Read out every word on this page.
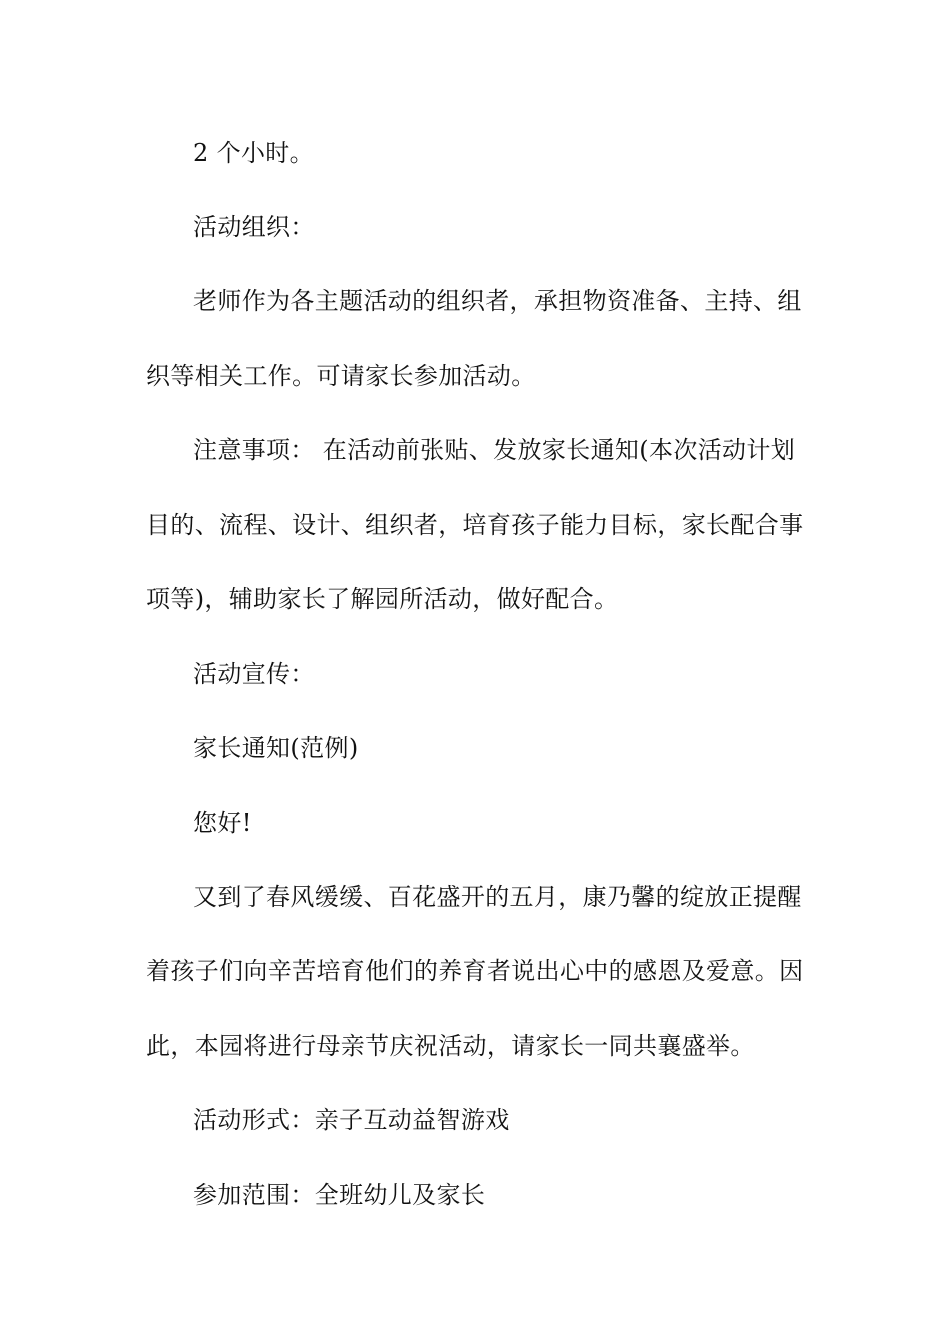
2 个小时。
活动组织：
老师作为各主题活动的组织者，承担物资准备、主持、组
织等相关工作。可请家长参加活动。
注意事项： 在活动前张贴、发放家长通知(本次活动计划
目的、流程、设计、组织者，培育孩子能力目标，家长配合事
项等)，辅助家长了解园所活动，做好配合。
活动宣传：
家长通知(范例)
您好!
又到了春风缓缓、百花盛开的五月，康乃馨的绽放正提醒
着孩子们向辛苦培育他们的养育者说出心中的感恩及爱意。因
此，本园将进行母亲节庆祝活动，请家长一同共襄盛举。
活动形式：亲子互动益智游戏
参加范围：全班幼儿及家长
